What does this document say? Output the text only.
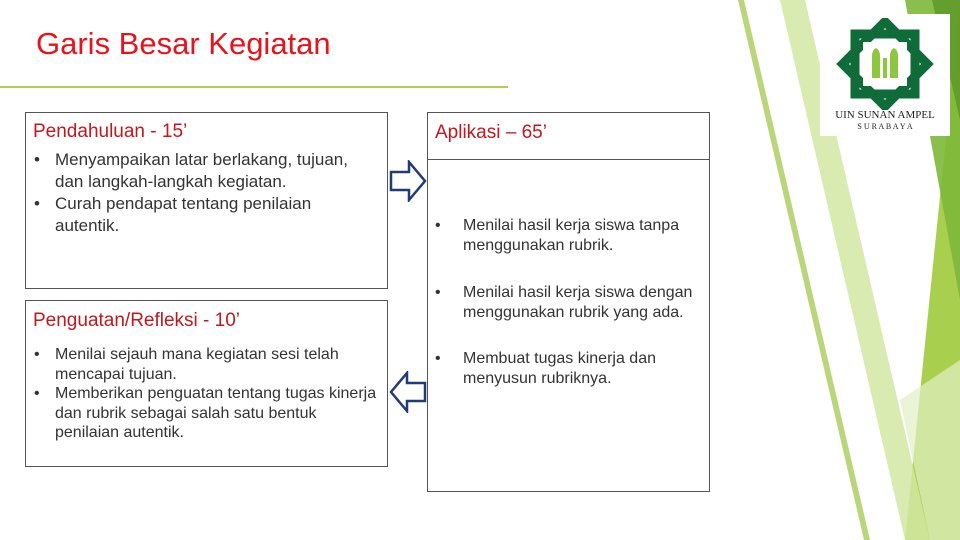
Garis Besar Kegiatan
Pendahuluan - 15’
• Menyampaikan latar berlakang, tujuan, dan langkah-langkah kegiatan.
• Curah pendapat tentang penilaian autentik.
Penguatan/Refleksi - 10’
• Menilai sejauh mana kegiatan sesi telah mencapai tujuan.
• Memberikan penguatan tentang tugas kinerja dan rubrik sebagai salah satu bentuk penilaian autentik.
Aplikasi – 65’
• Menilai hasil kerja siswa tanpa menggunakan rubrik.
• Menilai hasil kerja siswa dengan menggunakan rubrik yang ada.
• Membuat tugas kinerja dan menyusun rubriknya.
UIN SUNAN AMPEL
S U R A B A Y A
